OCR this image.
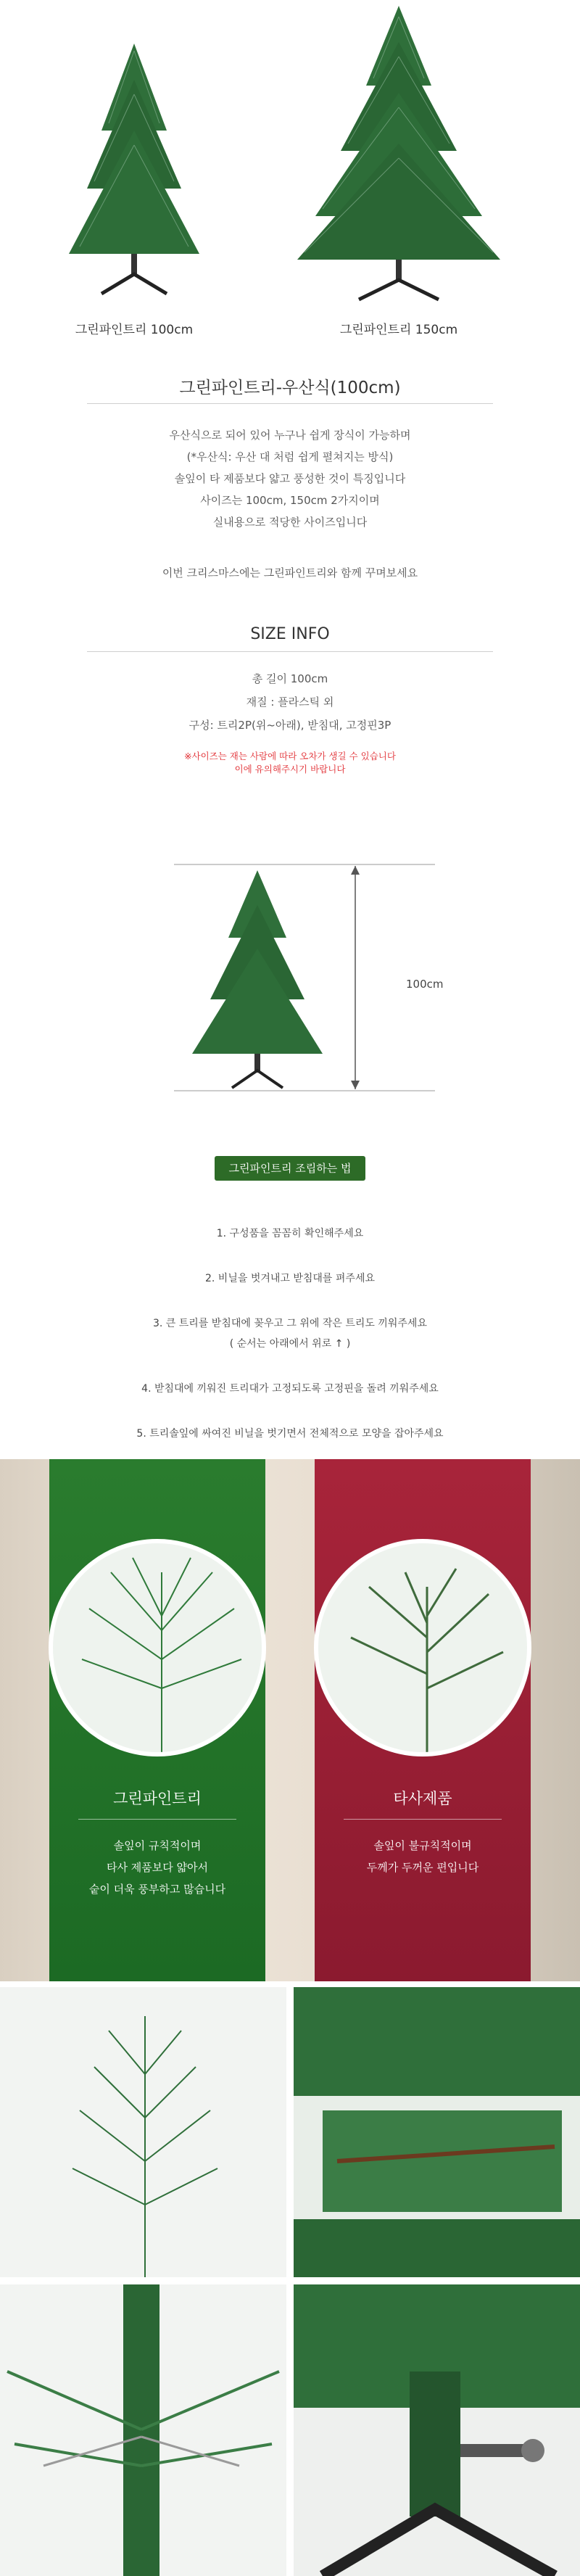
그린파인트리 100cm	그린파인트리 150cm
그린파인트리-우산식(100cm)
우산식으로 되어 있어 누구나 쉽게 장식이 가능하며
(*우산식: 우산 대 처럼 쉽게 펼쳐지는 방식)
솔잎이 타 제품보다 얇고 풍성한 것이 특징입니다
사이즈는 100cm, 150cm 2가지이며
실내용으로 적당한 사이즈입니다
이번 크리스마스에는 그린파인트리와 함께 꾸며보세요
SIZE INFO
총 길이 100cm
재질 : 플라스틱 외
구성: 트리2P(위~아래), 받침대, 고정핀3P
※사이즈는 재는 사람에 따라 오차가 생길 수 있습니다
이에 유의해주시기 바랍니다
100cm
그린파인트리 조립하는 법
1. 구성품을 꼼꼼히 확인해주세요
2. 비닐을 벗겨내고 받침대를 펴주세요
3. 큰 트리를 받침대에 꽂우고 그 위에 작은 트리도 끼워주세요
( 순서는 아래에서 위로 ↑ )
4. 받침대에 끼워진 트리대가 고정되도록 고정핀을 돌려 끼워주세요
5. 트리솔잎에 싸여진 비닐을 벗기면서 전체적으로 모양을 잡아주세요
그린파인트리
솔잎이 규칙적이며
타사 제품보다 얇아서
숱이 더욱 풍부하고 많습니다
타사제품
솔잎이 불규칙적이며
두께가 두꺼운 편입니다
